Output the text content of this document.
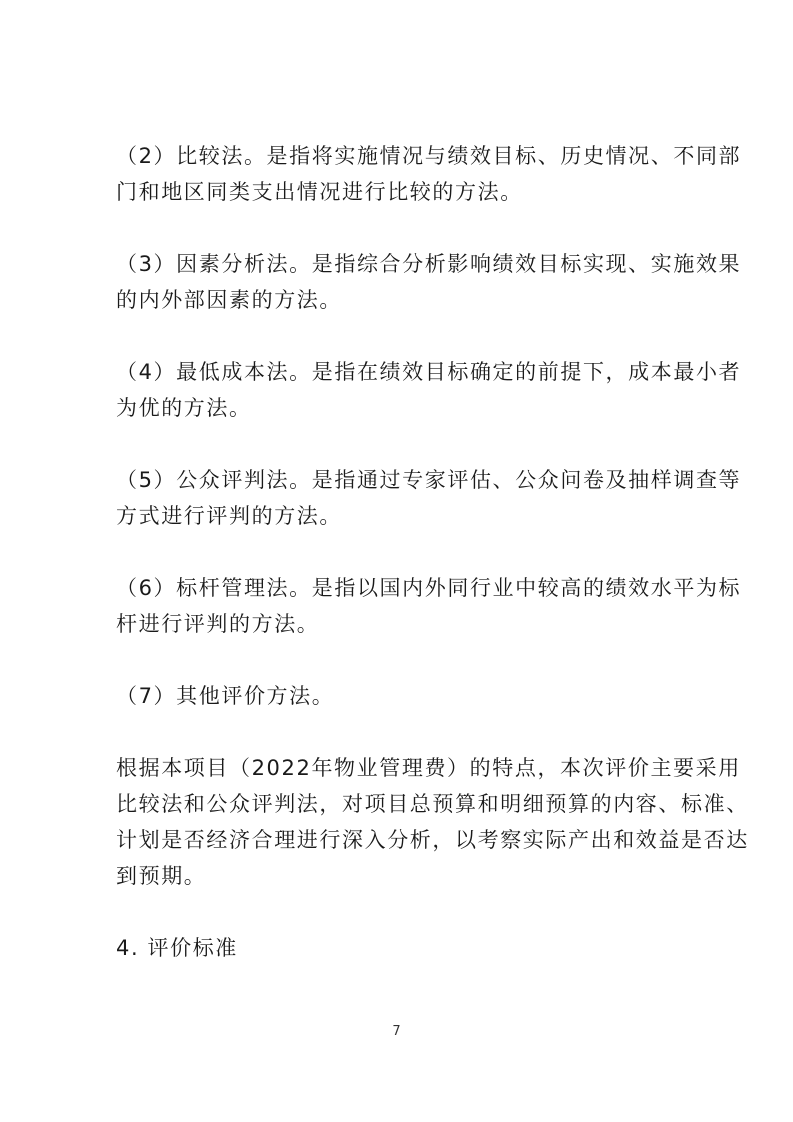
（2）比较法。是指将实施情况与绩效目标、历史情况、不同部
门和地区同类支出情况进行比较的方法。

（3）因素分析法。是指综合分析影响绩效目标实现、实施效果
的内外部因素的方法。

（4）最低成本法。是指在绩效目标确定的前提下，成本最小者
为优的方法。

（5）公众评判法。是指通过专家评估、公众问卷及抽样调查等
方式进行评判的方法。

（6）标杆管理法。是指以国内外同行业中较高的绩效水平为标
杆进行评判的方法。

（7）其他评价方法。

根据本项目（2022年物业管理费）的特点，本次评价主要采用
比较法和公众评判法，对项目总预算和明细预算的内容、标准、
计划是否经济合理进行深入分析，以考察实际产出和效益是否达
到预期。

4. 评价标准
7
